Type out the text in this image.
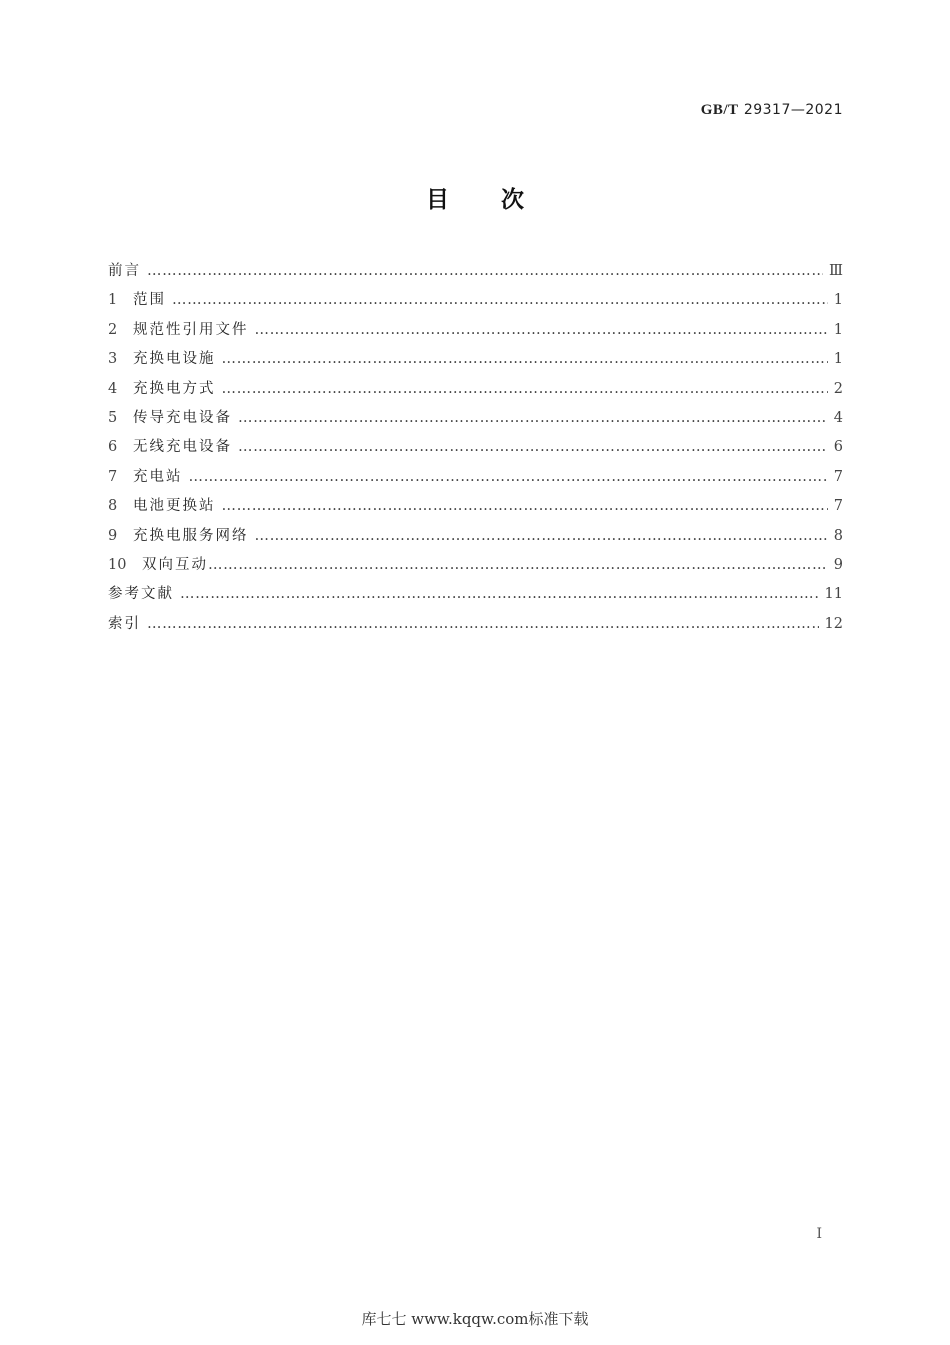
GB/T 29317—2021
目次
前言 ………………………………………………………………………………………………………………………………………………………………………………………………………………………………	Ⅲ
1	范围 ………………………………………………………………………………………………………………………………………………………………………………………………………………………………	1
2	规范性引用文件 ………………………………………………………………………………………………………………………………………………………………………………………………………………………………	1
3	充换电设施 ………………………………………………………………………………………………………………………………………………………………………………………………………………………………	1
4	充换电方式 ………………………………………………………………………………………………………………………………………………………………………………………………………………………………	2
5	传导充电设备 ………………………………………………………………………………………………………………………………………………………………………………………………………………………………	4
6	无线充电设备 ………………………………………………………………………………………………………………………………………………………………………………………………………………………………	6
7	充电站 ………………………………………………………………………………………………………………………………………………………………………………………………………………………………	7
8	电池更换站 ………………………………………………………………………………………………………………………………………………………………………………………………………………………………	7
9	充换电服务网络 ………………………………………………………………………………………………………………………………………………………………………………………………………………………………	8
10	双向互动 ………………………………………………………………………………………………………………………………………………………………………………………………………………………………	9
参考文献 ………………………………………………………………………………………………………………………………………………………………………………………………………………………………	11
索引 ………………………………………………………………………………………………………………………………………………………………………………………………………………………………	12
I
库七七 www.kqqw.com标准下载
